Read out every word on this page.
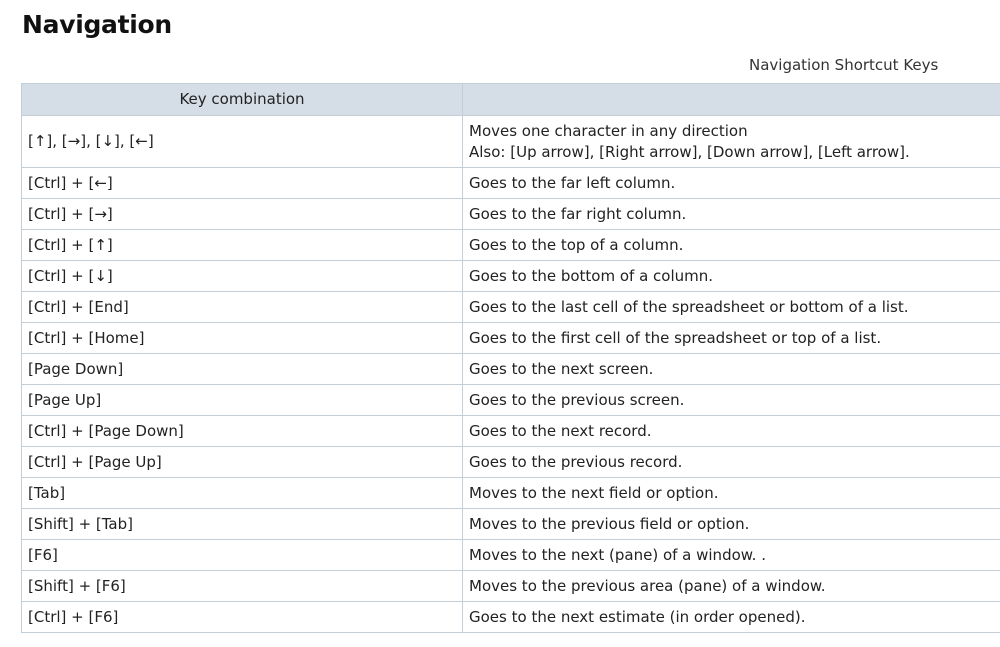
Navigation
Navigation Shortcut Keys
Key combination	
[↑], [→], [↓], [←]	Moves one character in any direction
Also: [Up arrow], [Right arrow], [Down arrow], [Left arrow].

[Ctrl] + [←]	Goes to the far left column.
[Ctrl] + [→]	Goes to the far right column.
[Ctrl] + [↑]	Goes to the top of a column.
[Ctrl] + [↓]	Goes to the bottom of a column.
[Ctrl] + [End]	Goes to the last cell of the spreadsheet or bottom of a list.
[Ctrl] + [Home]	Goes to the first cell of the spreadsheet or top of a list.
[Page Down]	Goes to the next screen.
[Page Up]	Goes to the previous screen.
[Ctrl] + [Page Down]	Goes to the next record.
[Ctrl] + [Page Up]	Goes to the previous record.
[Tab]	Moves to the next field or option.
[Shift] + [Tab]	Moves to the previous field or option.
[F6]	Moves to the next (pane) of a window. .
[Shift] + [F6]	Moves to the previous area (pane) of a window.
[Ctrl] + [F6]	Goes to the next estimate (in order opened).
